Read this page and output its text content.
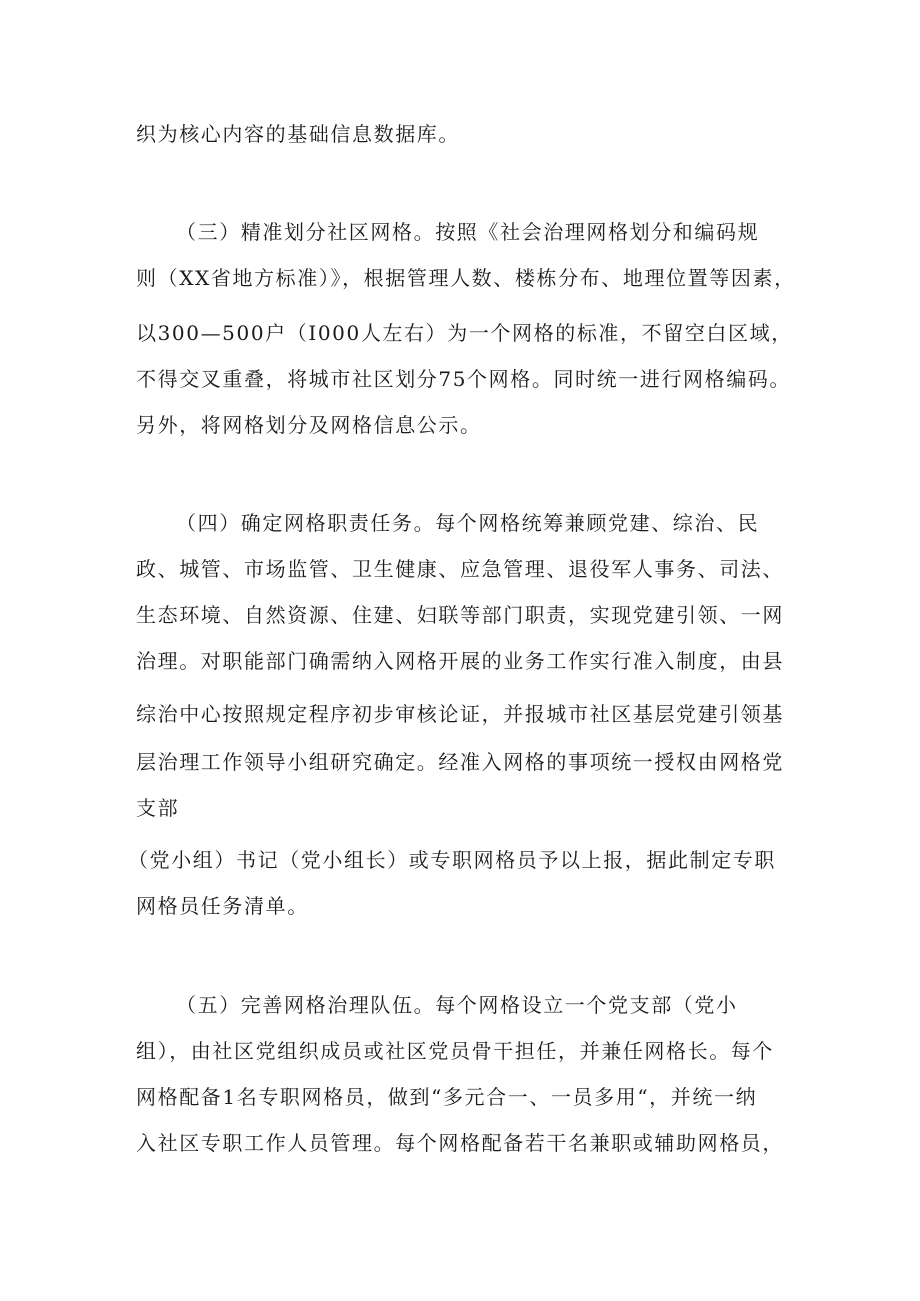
织为核心内容的基础信息数据库。
（三）精准划分社区网格。按照《社会治理网格划分和编码规
则（XX省地方标准）》，根据管理人数、楼栋分布、地理位置等因素，
以300—500户（I000人左右）为一个网格的标准，不留空白区域，
不得交叉重叠，将城市社区划分75个网格。同时统一进行网格编码。
另外，将网格划分及网格信息公示。
（四）确定网格职责任务。每个网格统筹兼顾党建、综治、民
政、城管、市场监管、卫生健康、应急管理、退役军人事务、司法、
生态环境、自然资源、住建、妇联等部门职责，实现党建引领、一网
治理。对职能部门确需纳入网格开展的业务工作实行准入制度，由县
综治中心按照规定程序初步审核论证，并报城市社区基层党建引领基
层治理工作领导小组研究确定。经准入网格的事项统一授权由网格党
支部
（党小组）书记（党小组长）或专职网格员予以上报，据此制定专职
网格员任务清单。
（五）完善网格治理队伍。每个网格设立一个党支部（党小
组），由社区党组织成员或社区党员骨干担任，并兼任网格长。每个
网格配备1名专职网格员，做到“多元合一、一员多用“，并统一纳
入社区专职工作人员管理。每个网格配备若干名兼职或辅助网格员，
